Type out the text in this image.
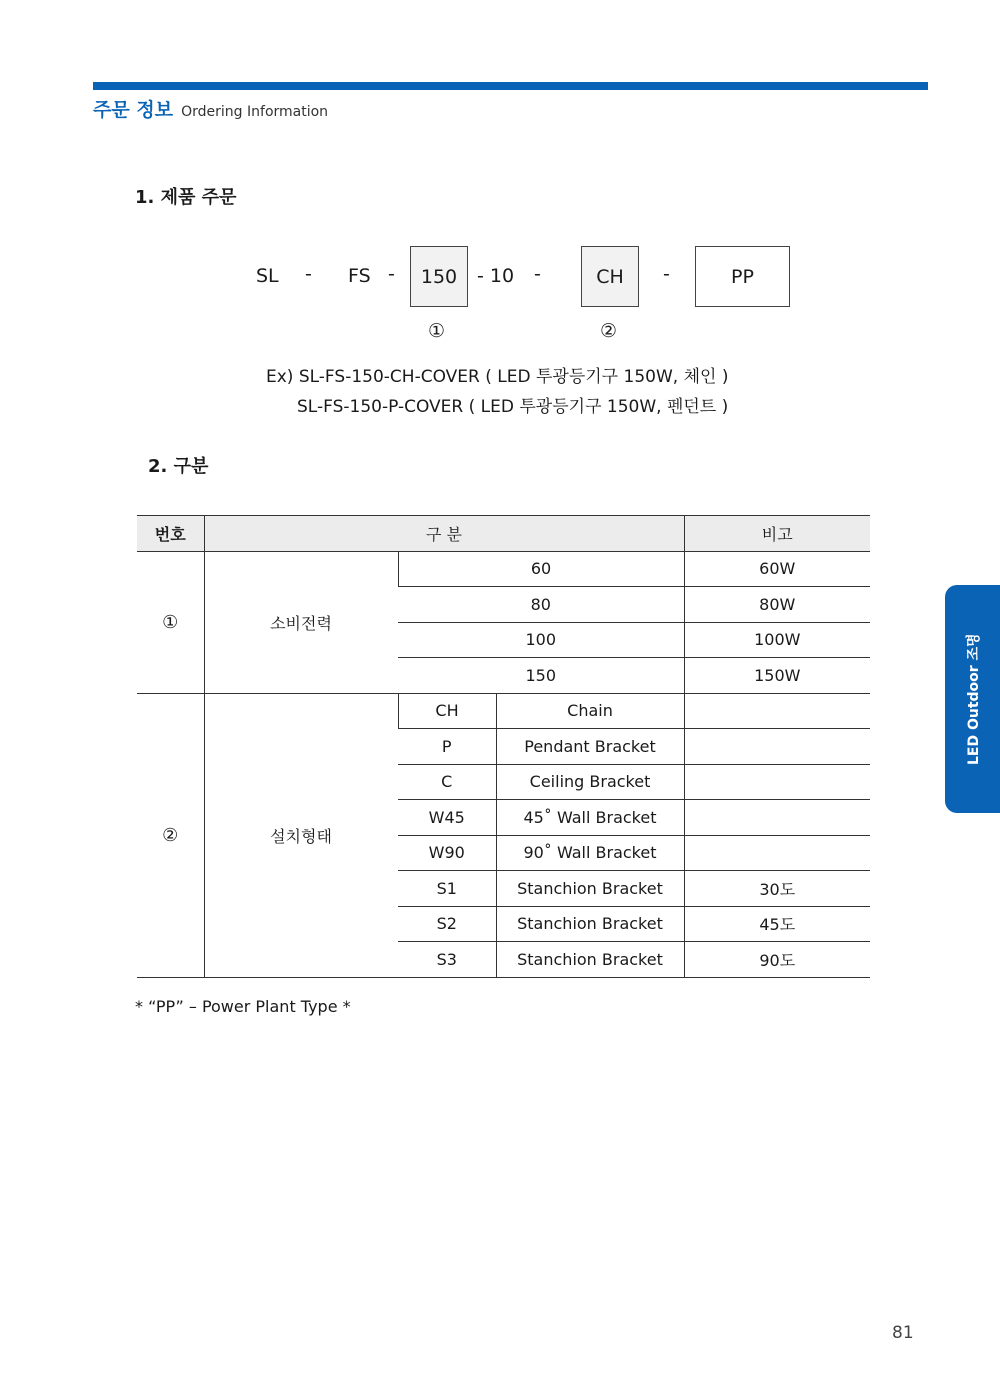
주문 정보 Ordering Information
1. 제품 주문
SL - FS -	150	- 10 -	CH	-	PP
①	②
Ex) SL-FS-150-CH-COVER ( LED 투광등기구 150W, 체인 )
SL-FS-150-P-COVER ( LED 투광등기구 150W, 펜던트 )
2. 구분
번호	구 분			비고
①	소비전력	60		60W
		80		80W
		100		100W
		150		150W
②	설치형태	CH	Chain	
		P	Pendant Bracket	
		C	Ceiling Bracket	
		W45	45˚ Wall Bracket	
		W90	90˚ Wall Bracket	
		S1	Stanchion Bracket	30도
		S2	Stanchion Bracket	45도
		S3	Stanchion Bracket	90도
* “PP” – Power Plant Type *
LED Outdoor 조명
81
